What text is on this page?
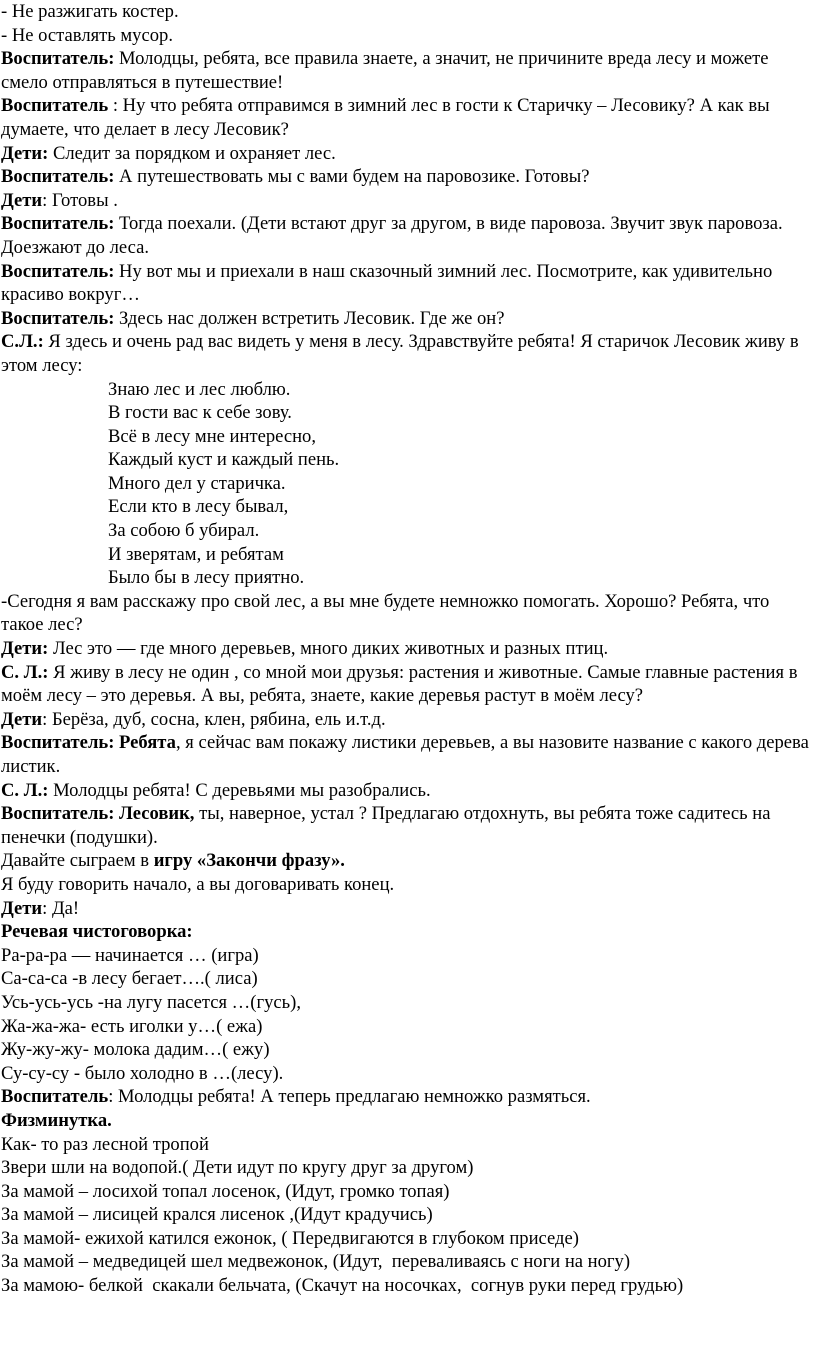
- Не разжигать костер.
- Не оставлять мусор.
Воспитатель: Молодцы, ребята, все правила знаете, а значит, не причините вреда лесу и можете смело отправляться в путешествие!
Воспитатель : Ну что ребята отправимся в зимний лес в гости к Старичку – Лесовику? А как вы думаете, что делает в лесу Лесовик?
Дети: Следит за порядком и охраняет лес.
Воспитатель: А путешествовать мы с вами будем на паровозике. Готовы?
Дети: Готовы .
Воспитатель: Тогда поехали. (Дети встают друг за другом, в виде паровоза. Звучит звук паровоза. Доезжают до леса.
Воспитатель: Ну вот мы и приехали в наш сказочный зимний лес. Посмотрите, как удивительно красиво вокруг…
Воспитатель: Здесь нас должен встретить Лесовик. Где же он?
С.Л.: Я здесь и очень рад вас видеть у меня в лесу. Здравствуйте ребята! Я старичок Лесовик живу в этом лесу:
Знаю лес и лес люблю.
В гости вас к себе зову.
Всё в лесу мне интересно,
Каждый куст и каждый пень.
Много дел у старичка.
Если кто в лесу бывал,
За собою б убирал.
И зверятам, и ребятам
Было бы в лесу приятно.
-Сегодня я вам расскажу про свой лес, а вы мне будете немножко помогать. Хорошо? Ребята, что такое лес?
Дети: Лес это — где много деревьев, много диких животных и разных птиц.
С. Л.: Я живу в лесу не один , со мной мои друзья: растения и животные. Самые главные растения в моём лесу – это деревья. А вы, ребята, знаете, какие деревья растут в моём лесу?
Дети: Берёза, дуб, сосна, клен, рябина, ель и.т.д.
Воспитатель: Ребята, я сейчас вам покажу листики деревьев, а вы назовите название с какого дерева листик.
С. Л.: Молодцы ребята! С деревьями мы разобрались.
Воспитатель: Лесовик, ты, наверное, устал ? Предлагаю отдохнуть, вы ребята тоже садитесь на пенечки (подушки).
Давайте сыграем в игру «Закончи фразу».
Я буду говорить начало, а вы договаривать конец.
Дети: Да!
Речевая чистоговорка:
Ра-ра-ра — начинается … (игра)
Са-са-са -в лесу бегает….( лиса)
Усь-усь-усь -на лугу пасется …(гусь),
Жа-жа-жа- есть иголки у…( ежа)
Жу-жу-жу- молока дадим…( ежу)
Су-су-су - было холодно в …(лесу).
Воспитатель: Молодцы ребята! А теперь предлагаю немножко размяться.
Физминутка.
Как- то раз лесной тропой
Звери шли на водопой.( Дети идут по кругу друг за другом)
За мамой – лосихой топал лосенок, (Идут, громко топая)
За мамой – лисицей крался лисенок ,(Идут крадучись)
За мамой- ежихой катился ежонок, ( Передвигаются в глубоком приседе)
За мамой – медведицей шел медвежонок, (Идут,  переваливаясь с ноги на ногу)
За мамою- белкой  скакали бельчата, (Скачут на носочках,  согнув руки перед грудью)
